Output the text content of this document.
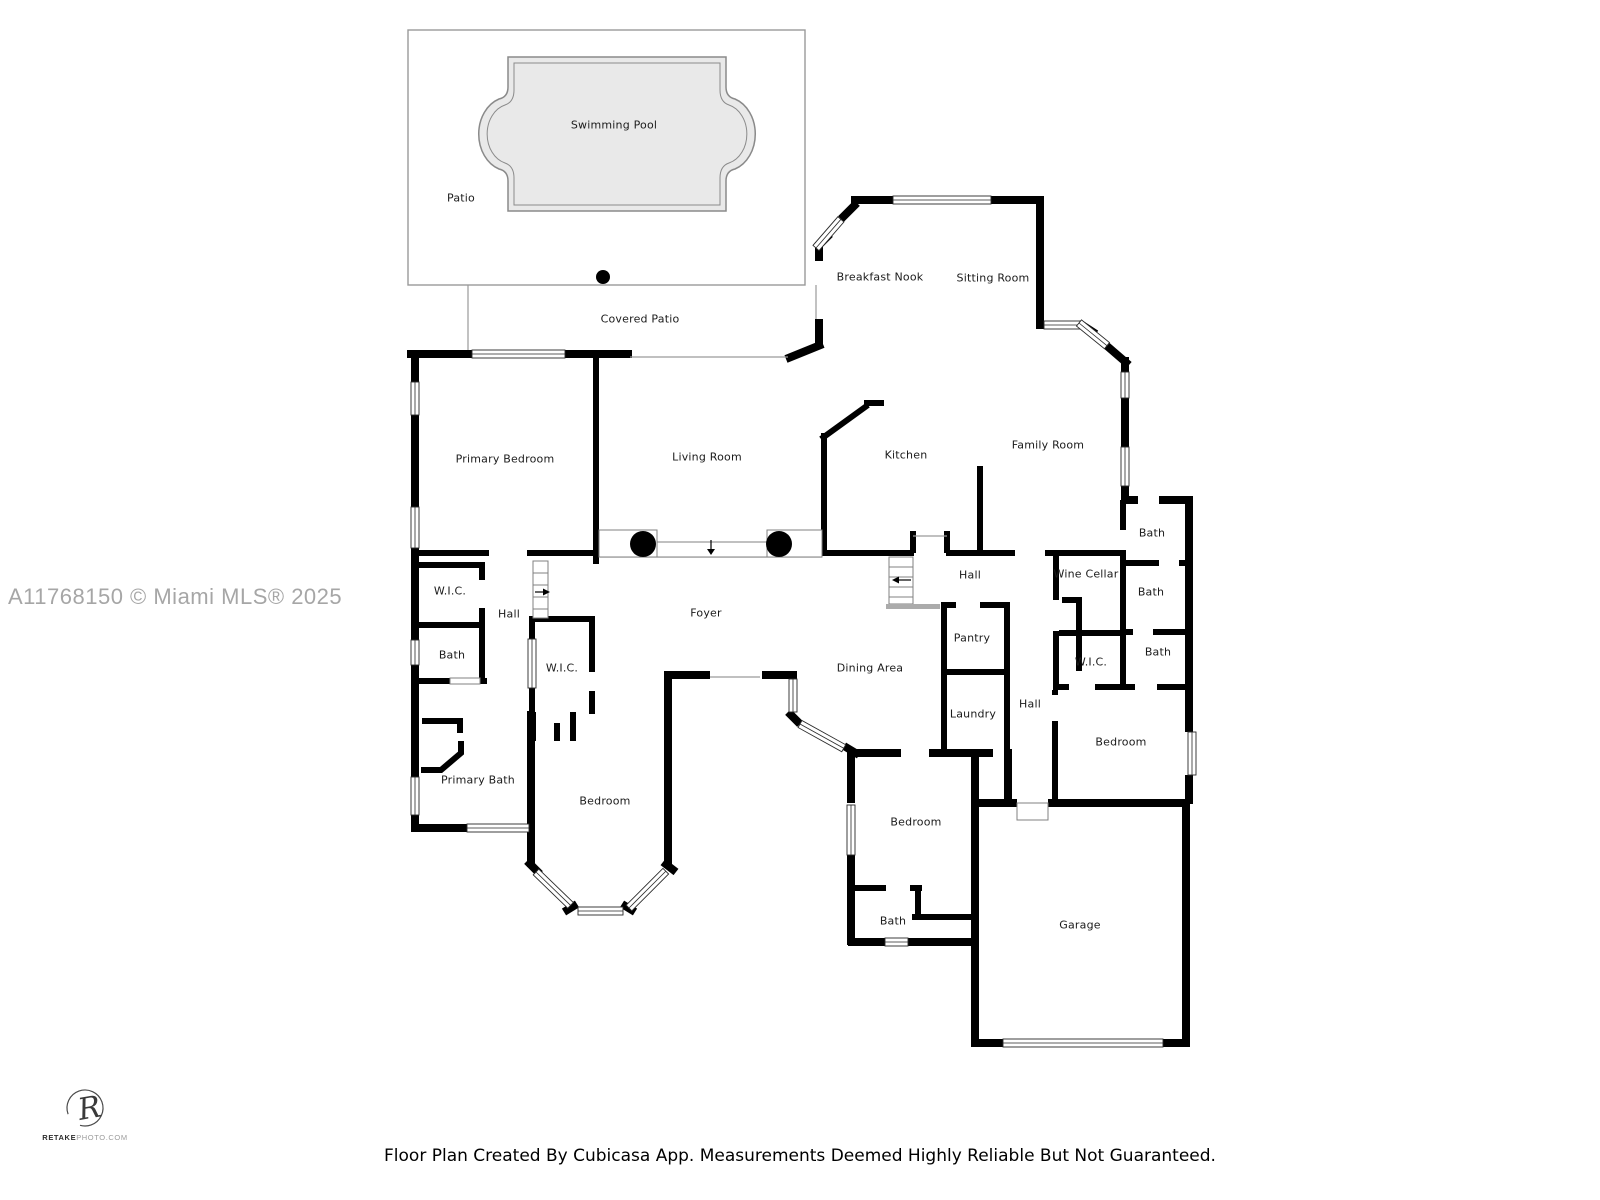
Swimming Pool
Patio
Covered Patio
Breakfast Nook	Sitting Room
Primary Bedroom	Living Room	Kitchen
Family Room
Bath
Hall	Wine Cellar
Bath
W.I.C.
Hall	Foyer
Bath
W.I.C.
Pantry
Dining Area	W.I.C.
Bath
Laundry
Hall
Bedroom
Primary Bath
Bedroom
Bedroom
Bath	Garage
A11768150 © Miami MLS® 2025
R
RETAKEPHOTO.COM
Floor Plan Created By Cubicasa App. Measurements Deemed Highly Reliable But Not Guaranteed.
